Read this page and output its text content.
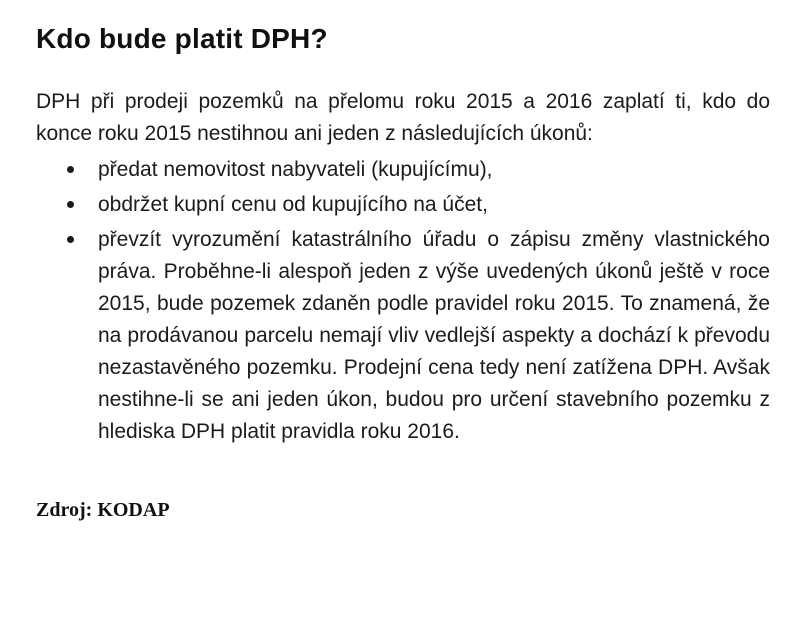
Kdo bude platit DPH?

DPH při prodeji pozemků na přelomu roku 2015 a 2016 zaplatí ti, kdo do konce roku 2015 nestihnou ani jeden z následujících úkonů:

předat nemovitost nabyvateli (kupujícímu),
obdržet kupní cenu od kupujícího na účet,
převzít vyrozumění katastrálního úřadu o zápisu změny vlastnického práva. Proběhne-li alespoň jeden z výše uvedených úkonů ještě v roce 2015, bude pozemek zdaněn podle pravidel roku 2015. To znamená, že na prodávanou parcelu nemají vliv vedlejší aspekty a dochází k převodu nezastavěného pozemku. Prodejní cena tedy není zatížena DPH. Avšak nestihne-li se ani jeden úkon, budou pro určení stavebního pozemku z hlediska DPH platit pravidla roku 2016.

Zdroj: KODAP
